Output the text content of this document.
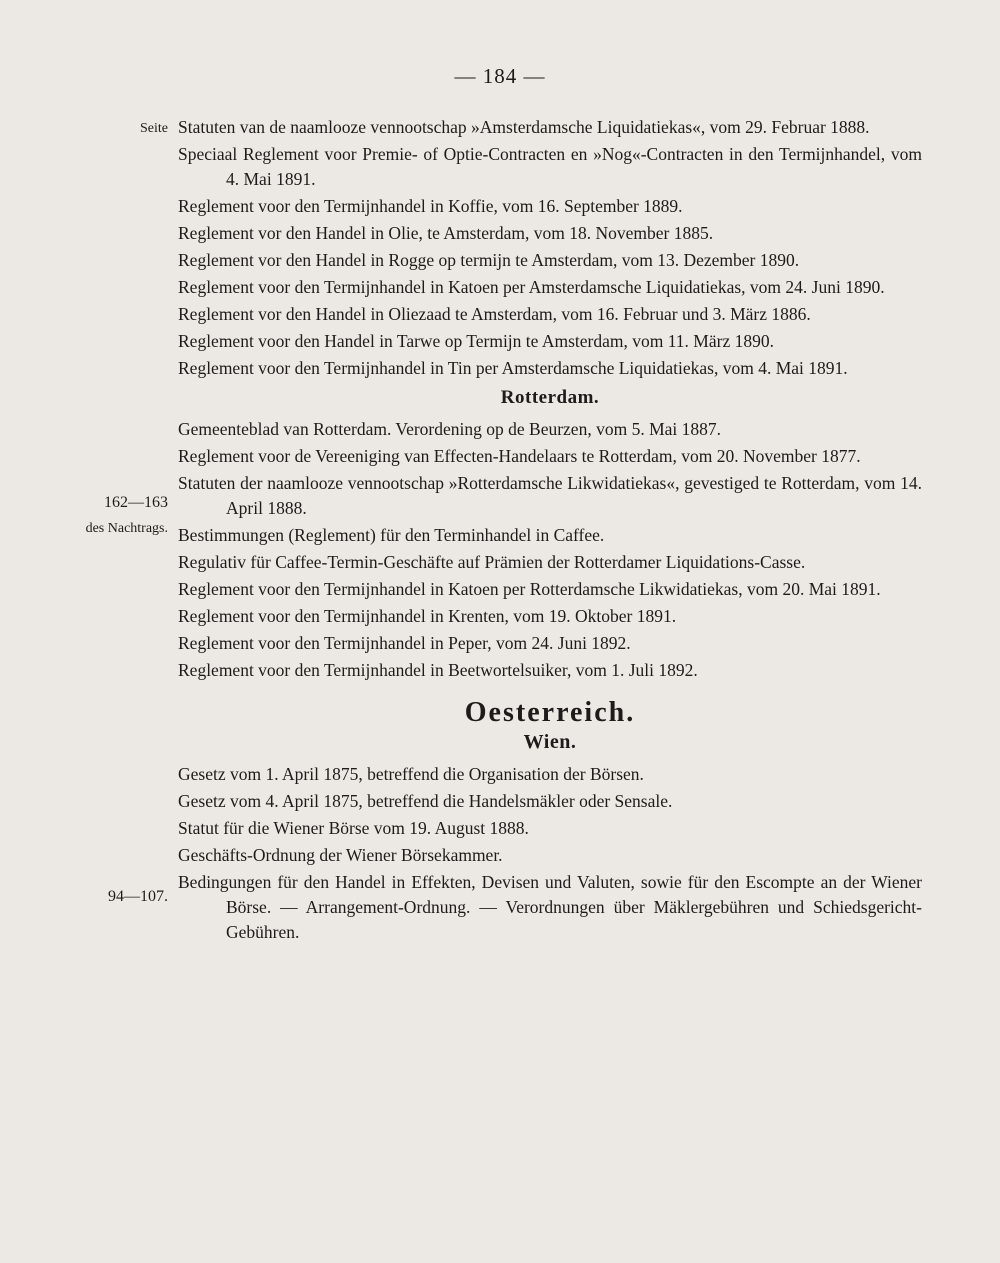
— 184 —
Seite
162—163
des Nachtrags.
94—107.

Statuten van de naamlooze vennootschap »Amsterdamsche Liquidatiekas«, vom 29. Februar 1888.

Speciaal Reglement voor Premie- of Optie-Contracten en »Nog«-Contracten in den Termijnhandel, vom 4. Mai 1891.

Reglement voor den Termijnhandel in Koffie, vom 16. September 1889.

Reglement vor den Handel in Olie, te Amsterdam, vom 18. November 1885.

Reglement vor den Handel in Rogge op termijn te Amsterdam, vom 13. Dezember 1890.

Reglement voor den Termijnhandel in Katoen per Amsterdamsche Liquidatiekas, vom 24. Juni 1890.

Reglement vor den Handel in Oliezaad te Amsterdam, vom 16. Februar und 3. März 1886.

Reglement voor den Handel in Tarwe op Termijn te Amsterdam, vom 11. März 1890.

Reglement voor den Termijnhandel in Tin per Amsterdamsche Liquidatiekas, vom 4. Mai 1891.

Rotterdam.

Gemeenteblad van Rotterdam. Verordening op de Beurzen, vom 5. Mai 1887.

Reglement voor de Vereeniging van Effecten-Handelaars te Rotterdam, vom 20. November 1877.

Statuten der naamlooze vennootschap »Rotterdamsche Likwidatiekas«, gevestiged te Rotterdam, vom 14. April 1888.

Bestimmungen (Reglement) für den Terminhandel in Caffee.

Regulativ für Caffee-Termin-Geschäfte auf Prämien der Rotterdamer Liquidations-Casse.

Reglement voor den Termijnhandel in Katoen per Rotterdamsche Likwidatiekas, vom 20. Mai 1891.

Reglement voor den Termijnhandel in Krenten, vom 19. Oktober 1891.

Reglement voor den Termijnhandel in Peper, vom 24. Juni 1892.

Reglement voor den Termijnhandel in Beetwortelsuiker, vom 1. Juli 1892.

Oesterreich.
Wien.

Gesetz vom 1. April 1875, betreffend die Organisation der Börsen.

Gesetz vom 4. April 1875, betreffend die Handelsmäkler oder Sensale.

Statut für die Wiener Börse vom 19. August 1888.

Geschäfts-Ordnung der Wiener Börsekammer.

Bedingungen für den Handel in Effekten, Devisen und Valuten, sowie für den Escompte an der Wiener Börse. — Arrangement-Ordnung. — Verordnungen über Mäklergebühren und Schiedsgericht-Gebühren.
